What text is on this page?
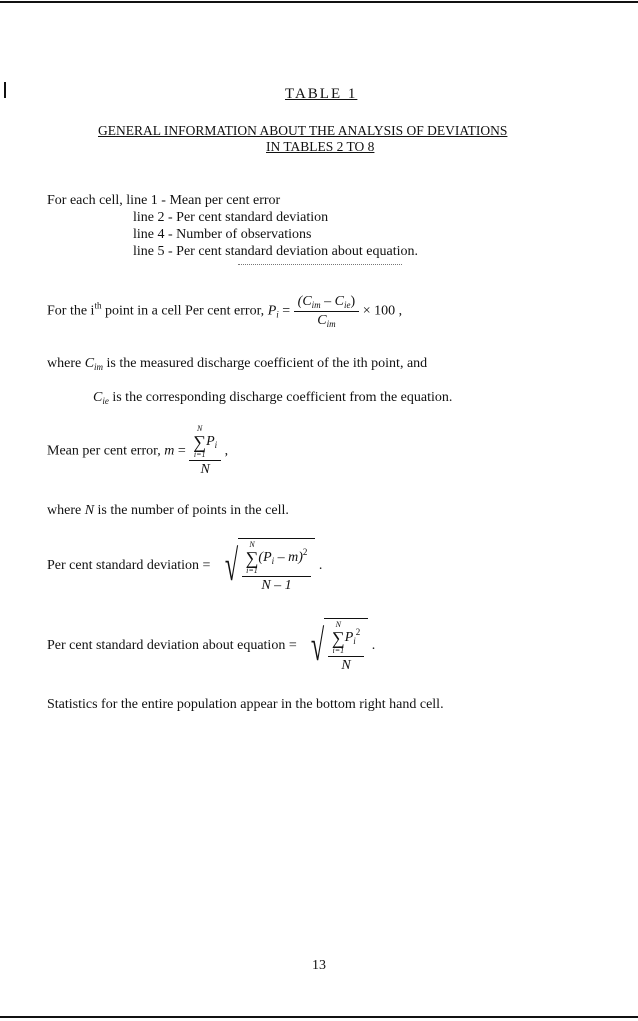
TABLE 1
GENERAL INFORMATION ABOUT THE ANALYSIS OF DEVIATIONS
IN TABLES 2 TO 8
For each cell, line 1 - Mean per cent error
line 2 - Per cent standard deviation
line 4 - Number of observations
line 5 - Per cent standard deviation about equation.
For the $i^{th}$ point in a cell Per cent error, $P_i = \frac{(C_{im} - C_{ie})}{C_{im}} \times 100$ ,
where $C_{im}$ is the measured discharge coefficient of the ith point, and
$C_{ie}$ is the corresponding discharge coefficient from the equation.
Mean per cent error, m = N
∑
i=1
$P_i$
N ,
where N is the number of points in the cell.
Per cent standard deviation = √ N
∑
i=1
$(P_i - m)^2$
N – 1 .
Per cent standard deviation about equation = √ N
∑
i=1
$P_i^2$
N .
Statistics for the entire population appear in the bottom right hand cell.
13
